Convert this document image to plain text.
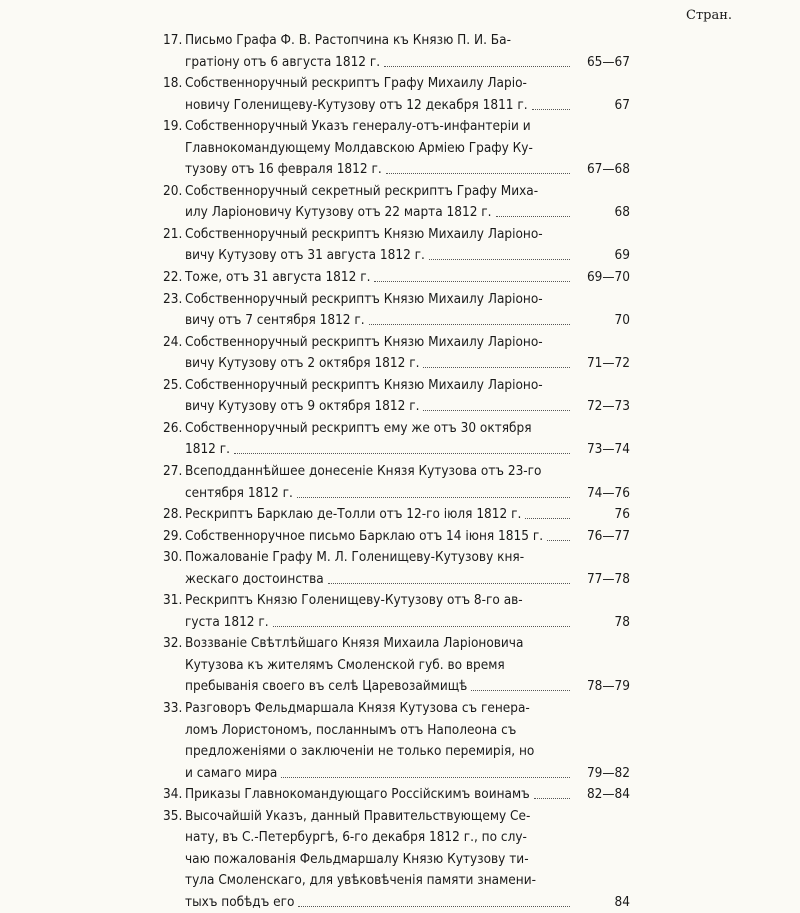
Стран.
17. Письмо Графа Ф. В. Растопчина къ Князю П. И. Ба-
гратіону отъ 6 августа 1812 г.	65—67
18. Собственноручный рескриптъ Графу Михаилу Ларіо-
новичу Голенищеву-Кутузову отъ 12 декабря 1811 г.	67
19. Собственноручный Указъ генералу-отъ-инфантеріи и
Главнокомандующему Молдавскою Арміею Графу Ку-
тузову отъ 16 февраля 1812 г.	67—68
20. Собственноручный секретный рескриптъ Графу Миха-
илу Ларіоновичу Кутузову отъ 22 марта 1812 г.	68
21. Собственноручный рескриптъ Князю Михаилу Ларіоно-
вичу Кутузову отъ 31 августа 1812 г.	69
22. Тоже, отъ 31 августа 1812 г.	69—70
23. Собственноручный рескриптъ Князю Михаилу Ларіоно-
вичу отъ 7 сентября 1812 г.	70
24. Собственноручный рескриптъ Князю Михаилу Ларіоно-
вичу Кутузову отъ 2 октября 1812 г.	71—72
25. Собственноручный рескриптъ Князю Михаилу Ларіоно-
вичу Кутузову отъ 9 октября 1812 г.	72—73
26. Собственноручный рескриптъ ему же отъ 30 октября
1812 г.	73—74
27. Всеподданнѣйшее донесеніе Князя Кутузова отъ 23-го
сентября 1812 г.	74—76
28. Рескриптъ Барклаю де-Толли отъ 12-го іюля 1812 г.	76
29. Собственноручное письмо Барклаю отъ 14 іюня 1815 г.	76—77
30. Пожалованіе Графу М. Л. Голенищеву-Кутузову кня-
жескаго достоинства	77—78
31. Рескриптъ Князю Голенищеву-Кутузову отъ 8-го ав-
густа 1812 г.	78
32. Воззваніе Свѣтлѣйшаго Князя Михаила Ларіоновича
Кутузова къ жителямъ Смоленской губ. во время
пребыванія своего въ селѣ Царевозаймищѣ	78—79
33. Разговоръ Фельдмаршала Князя Кутузова съ генера-
ломъ Лористономъ, посланнымъ отъ Наполеона съ
предложеніями о заключеніи не только перемирія, но
и самаго мира	79—82
34. Приказы Главнокомандующаго Россійскимъ воинамъ	82—84
35. Высочайшій Указъ, данный Правительствующему Се-
нату, въ С.-Петербургѣ, 6-го декабря 1812 г., по слу-
чаю пожалованія Фельдмаршалу Князю Кутузову ти-
тула Смоленскаго, для увѣковѣченія памяти знамени-
тыхъ побѣдъ его	84
